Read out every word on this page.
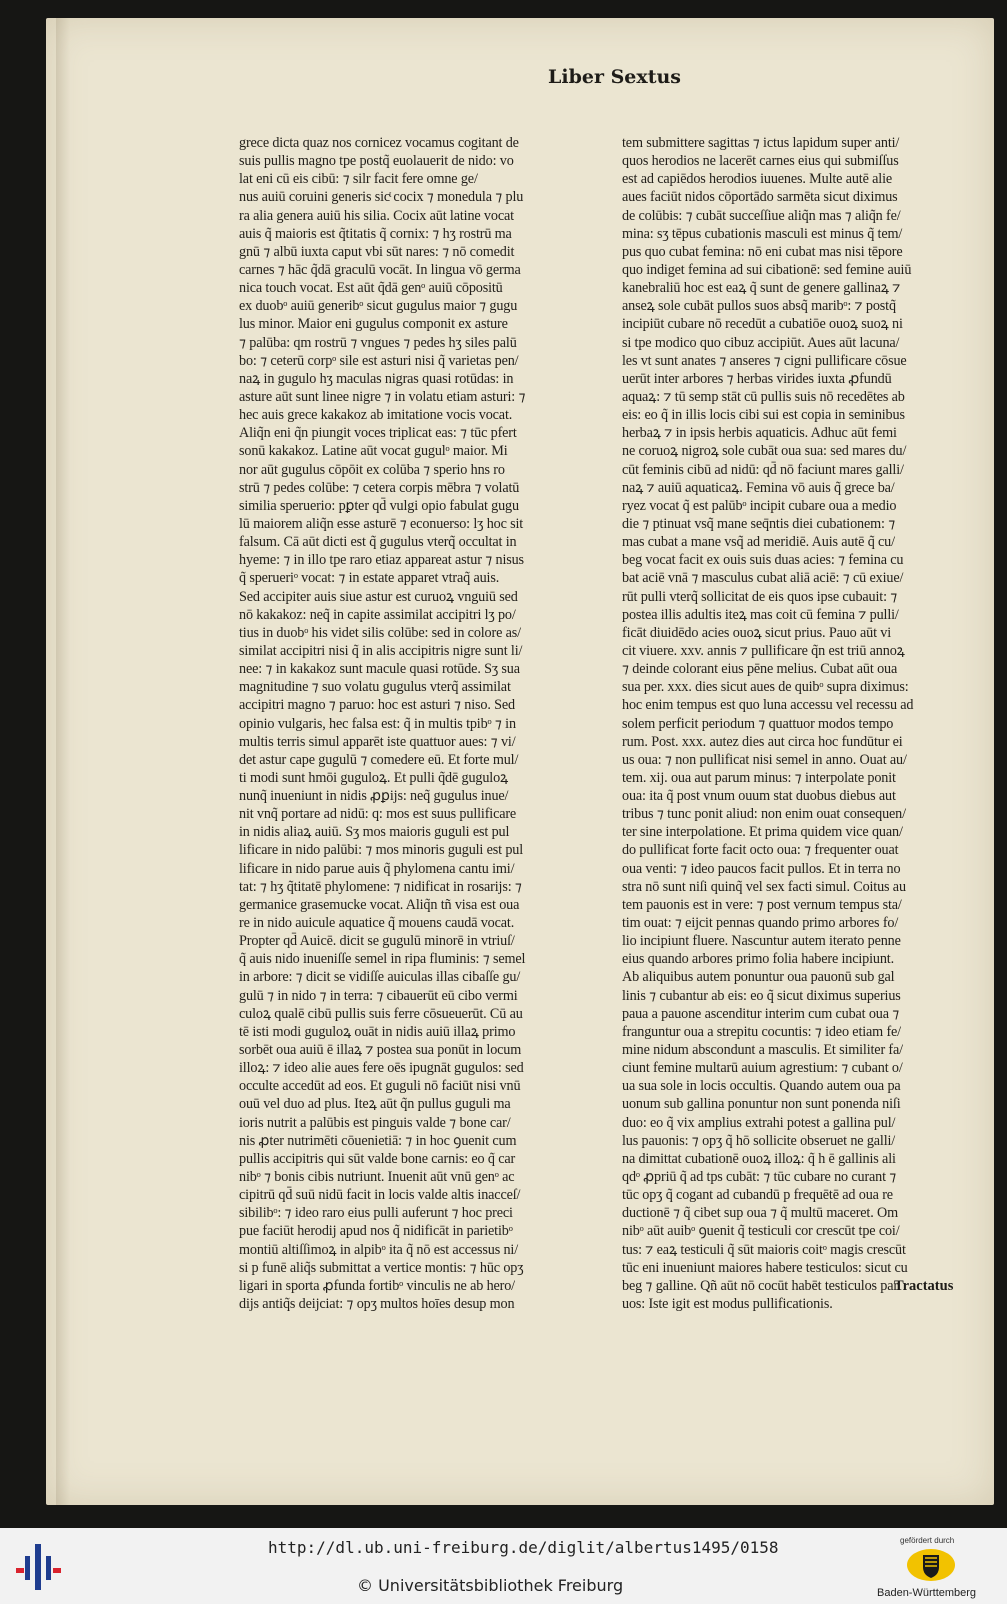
Liber Sextus
grece dicta quaz nos cornicez vocamus cogitant de
suis pullis magno tpe postq̃ euolauerit de nido: vo
lat eni cū eis cibū: ⁊ silr facit fere omne ge/
nus auiū coruini generis sicͭ cocix ⁊ monedula ⁊ plu
ra alia genera auiū his silia. Cocix aūt latine vocat
auis q̃ maioris est q̃titatis q̃ cornix: ⁊ hʒ rostrū ma
gnū ⁊ albū iuxta caput vbi sūt nares: ⁊ nō comedit
carnes ⁊ hāc q̃dā graculū vocāt. In lingua vō germa
nica touch vocat. Est aūt q̃dā genᵒ auiū cōpositū
ex duobᵒ auiū generibᵒ sicut gugulus maior ⁊ gugu
lus minor. Maior eni gugulus componit ex asture
⁊ palūba: qm rostrū ⁊ vngues ⁊ pedes hʒ siles palū
bo: ⁊ ceterū corpᵒ sile est asturi nisi q̃ varietas pen/
naꝝ in gugulo hʒ maculas nigras quasi rotūdas: in
asture aūt sunt linee nigre ⁊ in volatu etiam asturi: ⁊
hec auis grece kakakoz ab imitatione vocis vocat.
Aliq̃n eni q̃n piungit voces triplicat eas: ⁊ tūc pfert
sonū kakakoz. Latine aūt vocat gugulᵒ maior. Mi
nor aūt gugulus cōpōit ex colūba ⁊ sperio hns ro
strū ⁊ pedes colūbe: ⁊ cetera corpis mēbra ⁊ volatū
similia sperueriо: pꝑter qd̄ vulgi opio fabulat gugu
lū maiorem aliq̃n esse asturē ⁊ econuerso: lʒ hoc sit
falsum. Cā aūt dicti est q̃ gugulus vterq̃ occultat in
hyeme: ⁊ in illo tpe raro etiaz appareat astur ⁊ nisus
q̃ sperueriᵒ vocat: ⁊ in estate apparet vtraq̃ auis.
Sed accipiter auis siue astur est curuoꝝ vnguiū sed
nō kakakoz: neq̃ in capite assimilat accipitri lʒ po/
tius in duobᵒ his videt silis colūbe: sed in colore as/
similat accipitri nisi q̃ in alis accipitris nigre sunt li/
nee: ⁊ in kakakoz sunt macule quasi rotūde. Sʒ sua
magnitudine ⁊ suo volatu gugulus vterq̃ assimilat
accipitri magno ⁊ paruo: hoc est asturi ⁊ niso. Sed
opinio vulgaris, hec falsa est: q̃ in multis tpibᵒ ⁊ in
multis terris simul apparēt iste quattuor aues: ⁊ vi/
det astur cape gugulū ⁊ comedere eū. Et forte mul/
ti modi sunt hmōi guguloꝝ. Et pulli q̃dē guguloꝝ
nunq̃ inueniunt in nidis ꝓꝑijs: neq̃ gugulus inue/
nit vnq̃ portare ad nidū: q: mos est suus pullificare
in nidis aliaꝝ auiū. Sʒ mos maioris guguli est pul
lificare in nido palūbi: ⁊ mos minoris guguli est pul
lificare in nido parue auis q̃ phylomena cantu imi/
tat: ⁊ hʒ q̃titatē phylomene: ⁊ nidificat in rosarijs: ⁊
germanice grasemucke vocat. Aliq̃n tñ visa est oua
re in nido auicule aquatice q̃ mouens caudā vocat.
Propter qd̄ Auicē. dicit se gugulū minorē in vtriuſ/
q̃ auis nido inueniſſe semel in ripa fluminis: ⁊ semel
in arbore: ⁊ dicit se vidiſſe auiculas illas cibaſſe gu/
gulū ⁊ in nido ⁊ in terra: ⁊ cibauerūt eū cibo vermi
culoꝝ qualē cibū pullis suis ferre cōsueuerūt. Cū au
tē isti modi guguloꝝ ouāt in nidis auiū illaꝝ primo
sorbēt oua auiū ē illaꝝ ⁊ postea sua ponūt in locum
illoꝝ: ⁊ ideo alie aues fere oēs ipugnāt gugulos: sed
occulte accedūt ad eos. Et guguli nō faciūt nisi vnū
ouū vel duo ad plus. Iteꝝ aūt q̃n pullus guguli ma
ioris nutrit a palūbis est pinguis valde ⁊ bone car/
nis ꝓter nutrimēti cōuenietiā: ⁊ in hoc ꝯuenit cum
pullis accipitris qui sūt valde bone carnis: eo q̃ car
nibᵒ ⁊ bonis cibis nutriunt. Inuenit aūt vnū genᵒ ac
cipitrū qd̄ suū nidū facit in locis valde altis inacceſ/
sibilibᵒ: ⁊ ideo raro eius pulli auferunt ⁊ hoc preci
pue faciūt herodij apud nos q̃ nidificāt in parietibᵒ
montiū altiſſimoꝝ in alpibᵒ ita q̃ nō est accessus ni/
si p funē aliq̃s submittat a vertice montis: ⁊ hūc opʒ
ligari in sporta ꝓfunda fortibᵒ vinculis ne ab hero/
dijs antiq̃s deijciat: ⁊ opʒ multos hoīes desup mon
tem submittere sagittas ⁊ ictus lapidum super anti/
quos herodios ne lacerēt carnes eius qui submiſſus
est ad capiēdos herodios iuuenes. Multe autē alie
aues faciūt nidos cōportādo sarmēta sicut diximus
de colūbis: ⁊ cubāt succeſſiue aliq̃n mas ⁊ aliq̃n fe/
mina: sʒ tēpus cubationis masculi est minus q̃ tem/
pus quo cubat femina: nō eni cubat mas nisi tēpore
quo indiget femina ad sui cibationē: sed femine auiū
kanebraliū hoc est eaꝝ q̃ sunt de genere gallinaꝝ ⁊
anseꝝ sole cubāt pullos suos absq̃ maribᵒ: ⁊ postq̃
incipiūt cubare nō recedūt a cubatiōe ouoꝝ suoꝝ ni
si tpe modico quo cibuz accipiūt. Aues aūt lacuna/
les vt sunt anates ⁊ anseres ⁊ cigni pullificare cōsue
uerūt inter arbores ⁊ herbas virides iuxta ꝓfundū
aquaꝝ: ⁊ tū semp stāt cū pullis suis nō recedētes ab
eis: eo q̃ in illis locis cibi sui est copia in seminibus
herbaꝝ ⁊ in ipsis herbis aquaticis. Adhuc aūt femi
ne coruoꝝ nigroꝝ sole cubāt oua sua: sed mares du/
cūt feminis cibū ad nidū: qd̄ nō faciunt mares galli/
naꝝ ⁊ auiū aquaticaꝝ. Femina vō auis q̃ grece ba/
ryez vocat q̃ est palūbᵒ incipit cubare oua a medio
die ⁊ ptinuat vsq̃ mane seq̄ntis diei cubationem: ⁊
mas cubat a mane vsq̃ ad meridiē. Auis autē q̃ cu/
beg vocat facit ex ouis suis duas acies: ⁊ femina cu
bat aciē vnā ⁊ masculus cubat aliā aciē: ⁊ cū exiue/
rūt pulli vterq̃ sollicitat de eis quos ipse cubauit: ⁊
postea illis adultis iteꝝ mas coit cū femina ⁊ pulli/
ficāt diuidēdo acies ouoꝝ sicut prius. Pauo aūt vi
cit viuere. xxv. annis ⁊ pullificare q̃n est triū annoꝝ
⁊ deinde colorant eius pēne melius. Cubat aūt oua
sua per. xxx. dies sicut aues de quibᵒ supra diximus:
hoc enim tempus est quo luna accessu vel recessu ad
solem perficit periodum ⁊ quattuor modos tempo
rum. Post. xxx. autez dies aut circa hoc fundūtur ei
us oua: ⁊ non pullificat nisi semel in anno. Ouat au/
tem. xij. oua aut parum minus: ⁊ interpolate ponit
oua: ita q̃ post vnum ouum stat duobus diebus aut
tribus ⁊ tunc ponit aliud: non enim ouat consequen/
ter sine interpolatione. Et prima quidem vice quan/
do pullificat forte facit octo oua: ⁊ frequenter ouat
oua venti: ⁊ ideo paucos facit pullos. Et in terra no
stra nō sunt niſi quinq̃ vel sex facti simul. Coitus au
tem pauonis est in vere: ⁊ post vernum tempus sta/
tim ouat: ⁊ eijcit pennas quando primo arbores fo/
lio incipiunt fluere. Nascuntur autem iterato penne
eius quando arbores primo folia habere incipiunt.
Ab aliquibus autem ponuntur oua pauonū sub gal
linis ⁊ cubantur ab eis: eo q̃ sicut diximus superius
paua a pauone ascenditur interim cum cubat oua ⁊
franguntur oua a strepitu cocuntis: ⁊ ideo etiam fe/
mine nidum abscondunt a masculis. Et similiter fa/
ciunt femine multarū auium agrestium: ⁊ cubant o/
ua sua sole in locis occultis. Quando autem oua pa
uonum sub gallina ponuntur non sunt ponenda niſi
duo: eo q̃ vix amplius extrahi potest a gallina pul/
lus pauonis: ⁊ opʒ q̃ hō sollicite obseruet ne galli/
na dimittat cubationē ouoꝝ illoꝝ: q̃ h ē gallinis ali
qdᵒ ꝓpriū q̃ ad tps cubāt: ⁊ tūc cubare no curant ⁊
tūc opʒ q̃ cogant ad cubandū p frequētē ad oua re
ductionē ⁊ q̃ cibet sup oua ⁊ q̃ multū maceret. Om
nibᵒ aūt auibᵒ ꝯuenit q̃ testiculi cor crescūt tpe coi/
tus: ⁊ eaꝝ testiculi q̃ sūt maioris coitᵒ magis crescūt
tūc eni inueniunt maiores habere testiculos: sicut cu
beg ⁊ galline. Qñ aūt nō cocūt habēt testiculos par
uos: Iste igit est modus pullificationis.
Tractatus
http://dl.ub.uni-freiburg.de/diglit/albertus1495/0158
© Universitätsbibliothek Freiburg
gefördert durch
Baden-Württemberg
